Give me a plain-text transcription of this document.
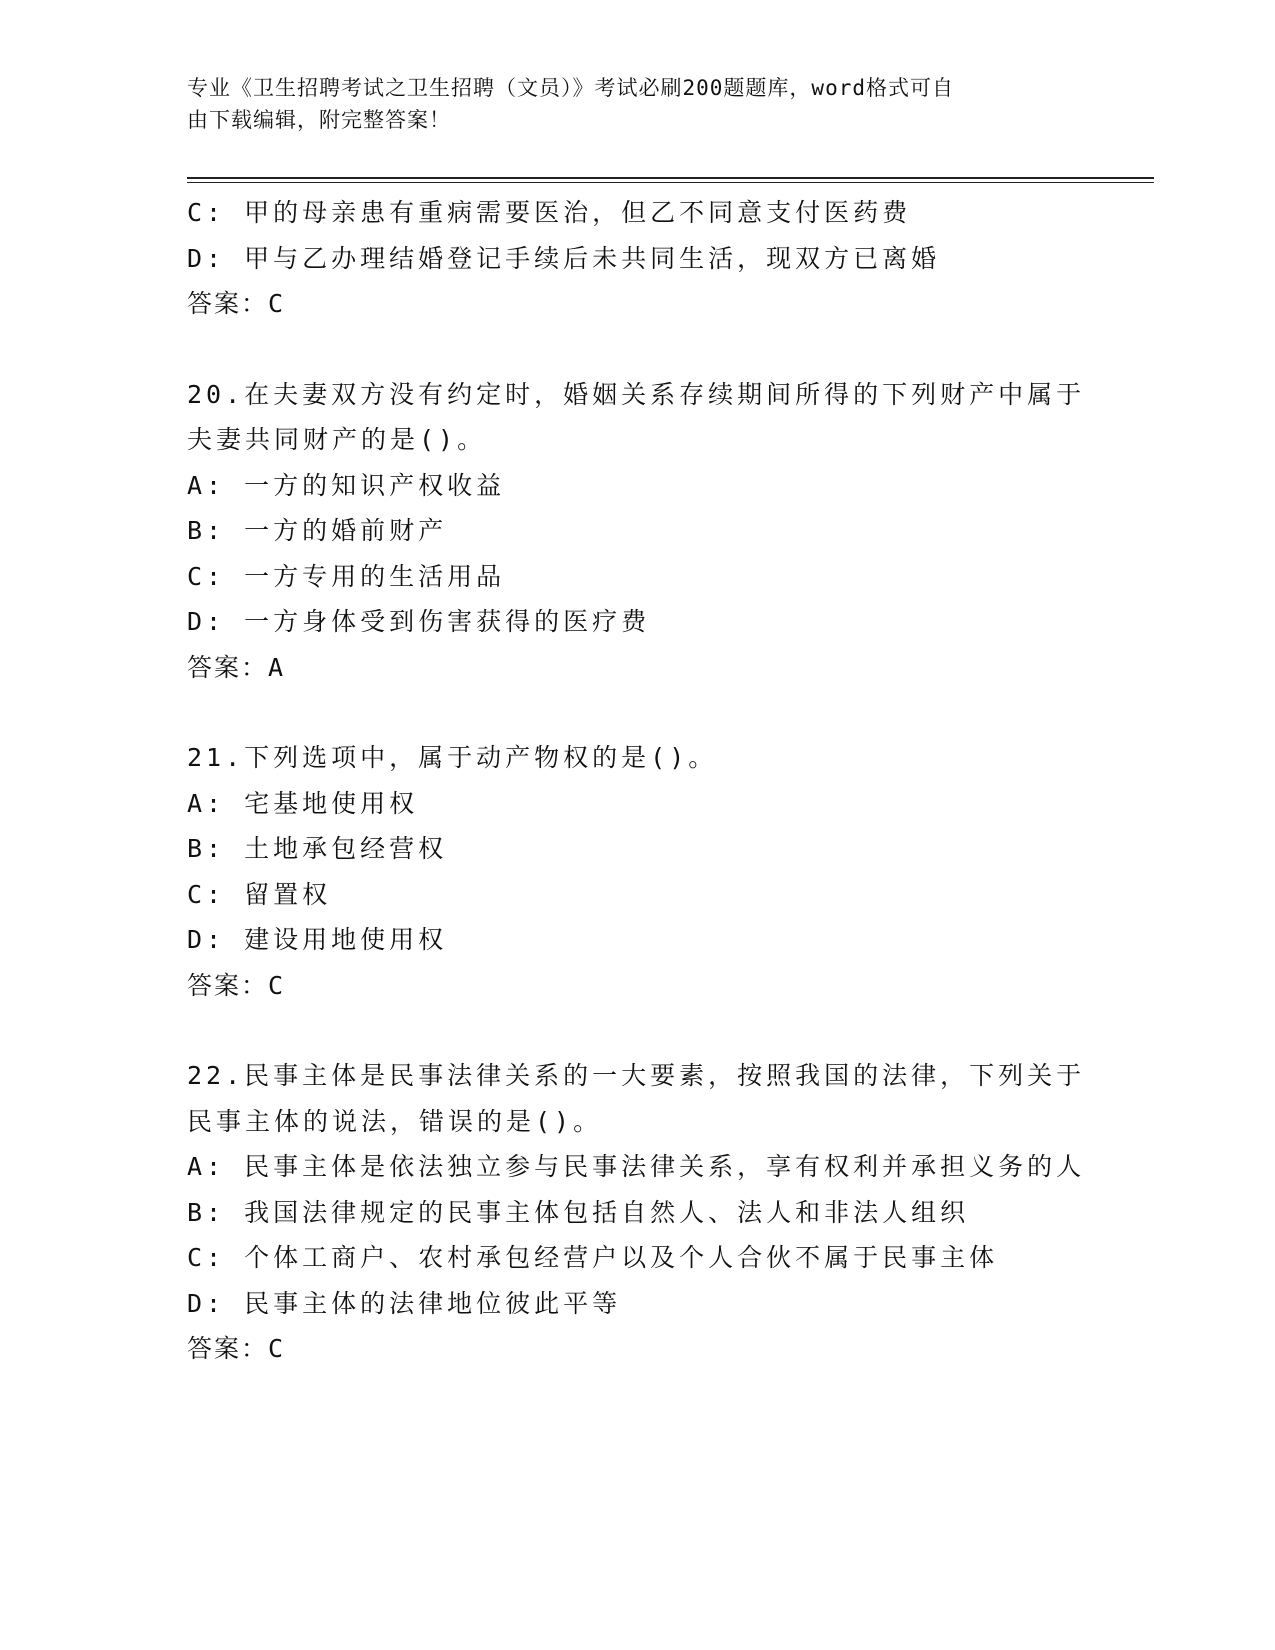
专业《卫生招聘考试之卫生招聘（文员）》考试必刷200题题库，word格式可自
由下载编辑，附完整答案！
C: 甲的母亲患有重病需要医治，但乙不同意支付医药费
D: 甲与乙办理结婚登记手续后未共同生活，现双方已离婚
答案：C
20.在夫妻双方没有约定时，婚姻关系存续期间所得的下列财产中属于
夫妻共同财产的是()。
A: 一方的知识产权收益
B: 一方的婚前财产
C: 一方专用的生活用品
D: 一方身体受到伤害获得的医疗费
答案：A
21.下列选项中，属于动产物权的是()。
A: 宅基地使用权
B: 土地承包经营权
C: 留置权
D: 建设用地使用权
答案：C
22.民事主体是民事法律关系的一大要素，按照我国的法律，下列关于
民事主体的说法，错误的是()。
A: 民事主体是依法独立参与民事法律关系，享有权利并承担义务的人
B: 我国法律规定的民事主体包括自然人、法人和非法人组织
C: 个体工商户、农村承包经营户以及个人合伙不属于民事主体
D: 民事主体的法律地位彼此平等
答案：C
